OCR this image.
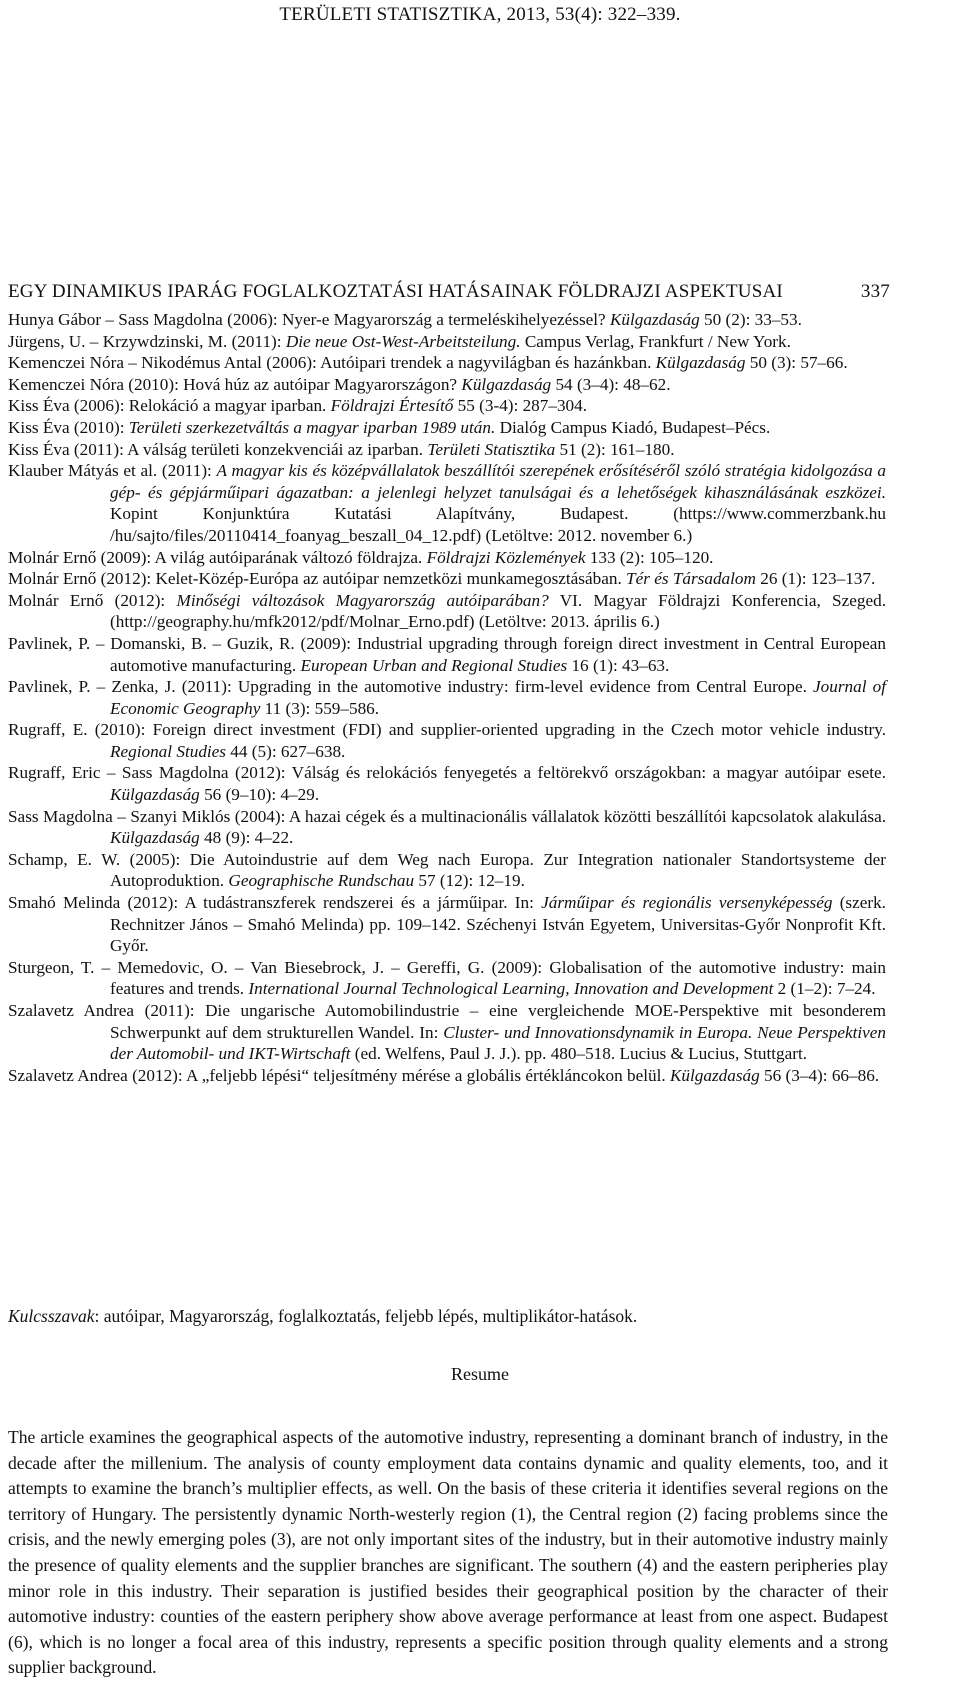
TERÜLETI STATISZTIKA, 2013, 53(4): 322–339.
EGY DINAMIKUS IPARÁG FOGLALKOZTATÁSI HATÁSAINAK FÖLDRAJZI ASPEKTUSAI	337

Hunya Gábor – Sass Magdolna (2006): Nyer-e Magyarország a termeléskihelyezéssel? Külgazdaság 50 (2): 33–53.

Jürgens, U. – Krzywdzinski, M. (2011): Die neue Ost-West-Arbeitsteilung. Campus Verlag, Frankfurt / New York.

Kemenczei Nóra – Nikodémus Antal (2006): Autóipari trendek a nagyvilágban és hazánkban. Külgazdaság 50 (3): 57–66.

Kemenczei Nóra (2010): Hová húz az autóipar Magyarországon? Külgazdaság 54 (3–4): 48–62.

Kiss Éva (2006): Relokáció a magyar iparban. Földrajzi Értesítő 55 (3-4): 287–304.

Kiss Éva (2010): Területi szerkezetváltás a magyar iparban 1989 után. Dialóg Campus Kiadó, Budapest–Pécs.

Kiss Éva (2011): A válság területi konzekvenciái az iparban. Területi Statisztika 51 (2): 161–180.

Klauber Mátyás et al. (2011): A magyar kis és középvállalatok beszállítói szerepének erősítéséről szóló stratégia kidolgozása a gép- és gépjárműipari ágazatban: a jelenlegi helyzet tanulságai és a lehetőségek kihasználásának eszközei. Kopint Konjunktúra Kutatási Alapítvány, Budapest. (https://www.commerzbank.hu /hu/sajto/files/20110414_foanyag_beszall_04_12.pdf) (Letöltve: 2012. november 6.)

Molnár Ernő (2009): A világ autóiparának változó földrajza. Földrajzi Közlemények 133 (2): 105–120.

Molnár Ernő (2012): Kelet-Közép-Európa az autóipar nemzetközi munkamegosztásában. Tér és Társadalom 26 (1): 123–137.

Molnár Ernő (2012): Minőségi változások Magyarország autóiparában? VI. Magyar Földrajzi Konferencia, Szeged. (http://geography.hu/mfk2012/pdf/Molnar_Erno.pdf) (Letöltve: 2013. április 6.)

Pavlinek, P. – Domanski, B. – Guzik, R. (2009): Industrial upgrading through foreign direct investment in Central European automotive manufacturing. European Urban and Regional Studies 16 (1): 43–63.

Pavlinek, P. – Zenka, J. (2011): Upgrading in the automotive industry: firm-level evidence from Central Europe. Journal of Economic Geography 11 (3): 559–586.

Rugraff, E. (2010): Foreign direct investment (FDI) and supplier-oriented upgrading in the Czech motor vehicle industry. Regional Studies 44 (5): 627–638.

Rugraff, Eric – Sass Magdolna (2012): Válság és relokációs fenyegetés a feltörekvő országokban: a magyar autóipar esete. Külgazdaság 56 (9–10): 4–29.

Sass Magdolna – Szanyi Miklós (2004): A hazai cégek és a multinacionális vállalatok közötti beszállítói kapcsolatok alakulása. Külgazdaság 48 (9): 4–22.

Schamp, E. W. (2005): Die Autoindustrie auf dem Weg nach Europa. Zur Integration nationaler Standortsysteme der Autoproduktion. Geographische Rundschau 57 (12): 12–19.

Smahó Melinda (2012): A tudástranszferek rendszerei és a járműipar. In: Járműipar és regionális versenyképesség (szerk. Rechnitzer János – Smahó Melinda) pp. 109–142. Széchenyi István Egyetem, Universitas-Győr Nonprofit Kft. Győr.

Sturgeon, T. – Memedovic, O. – Van Biesebrock, J. – Gereffi, G. (2009): Globalisation of the automotive industry: main features and trends. International Journal Technological Learning, Innovation and Development 2 (1–2): 7–24.

Szalavetz Andrea (2011): Die ungarische Automobilindustrie – eine vergleichende MOE-Perspektive mit besonderem Schwerpunkt auf dem strukturellen Wandel. In: Cluster- und Innovationsdynamik in Europa. Neue Perspektiven der Automobil- und IKT-Wirtschaft (ed. Welfens, Paul J. J.). pp. 480–518. Lucius & Lucius, Stuttgart.

Szalavetz Andrea (2012): A „feljebb lépési“ teljesítmény mérése a globális értékláncokon belül. Külgazdaság 56 (3–4): 66–86.

Kulcsszavak: autóipar, Magyarország, foglalkoztatás, feljebb lépés, multiplikátor-hatások.
Resume

The article examines the geographical aspects of the automotive industry, representing a dominant branch of industry, in the decade after the millenium. The analysis of county employment data contains dynamic and quality elements, too, and it attempts to examine the branch’s multiplier effects, as well. On the basis of these criteria it identifies several regions on the territory of Hungary. The persistently dynamic North-westerly region (1), the Central region (2) facing problems since the crisis, and the newly emerging poles (3), are not only important sites of the industry, but in their automotive industry mainly the presence of quality elements and the supplier branches are significant. The southern (4) and the eastern peripheries play minor role in this industry. Their separation is justified besides their geographical position by the character of their automotive industry: counties of the eastern periphery show above average performance at least from one aspect. Budapest (6), which is no longer a focal area of this industry, represents a specific position through quality elements and a strong supplier background.
